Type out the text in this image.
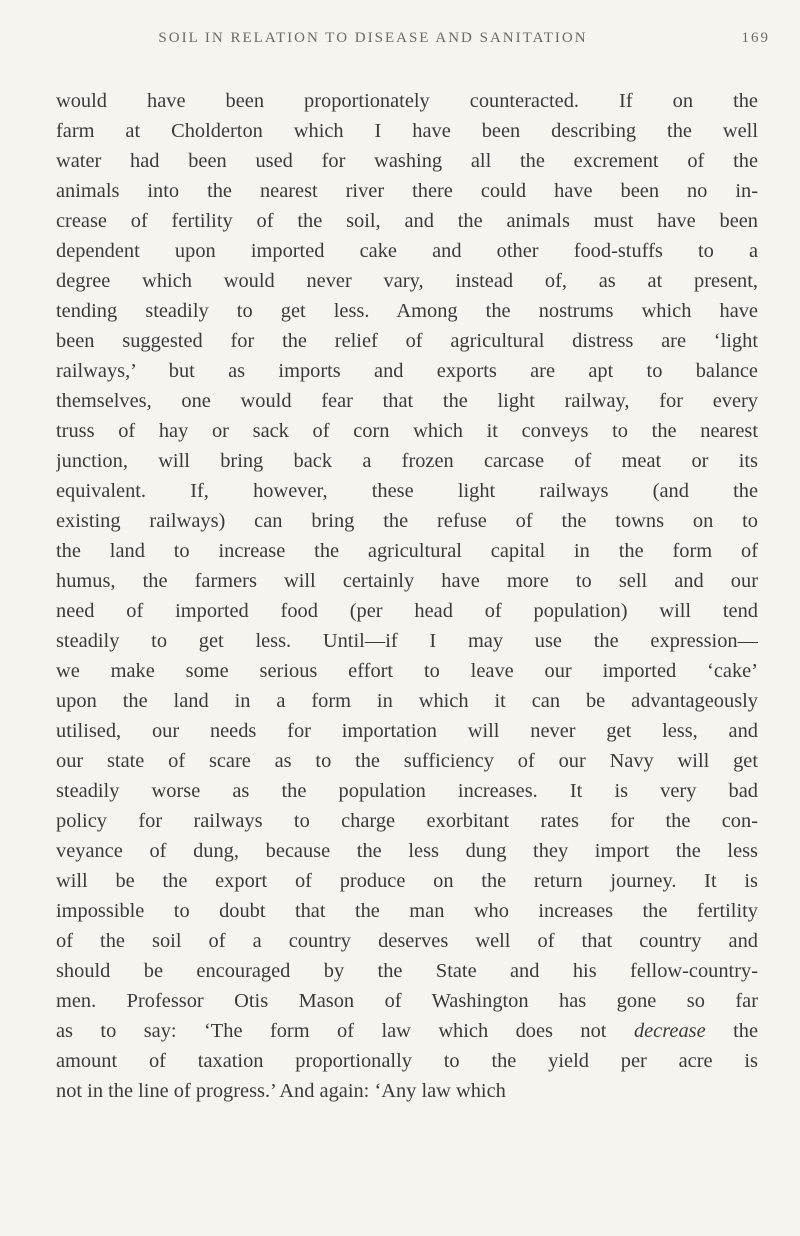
SOIL IN RELATION TO DISEASE AND SANITATION	169
would have been proportionately counteracted. If on the
farm at Cholderton which I have been describing the well
water had been used for washing all the excrement of the
animals into the nearest river there could have been no in-
crease of fertility of the soil, and the animals must have been
dependent upon imported cake and other food-stuffs to a
degree which would never vary, instead of, as at present,
tending steadily to get less. Among the nostrums which have
been suggested for the relief of agricultural distress are ‘light
railways,’ but as imports and exports are apt to balance
themselves, one would fear that the light railway, for every
truss of hay or sack of corn which it conveys to the nearest
junction, will bring back a frozen carcase of meat or its
equivalent. If, however, these light railways (and the
existing railways) can bring the refuse of the towns on to
the land to increase the agricultural capital in the form of
humus, the farmers will certainly have more to sell and our
need of imported food (per head of population) will tend
steadily to get less. Until—if I may use the expression—
we make some serious effort to leave our imported ‘cake’
upon the land in a form in which it can be advantageously
utilised, our needs for importation will never get less, and
our state of scare as to the sufficiency of our Navy will get
steadily worse as the population increases. It is very bad
policy for railways to charge exorbitant rates for the con-
veyance of dung, because the less dung they import the less
will be the export of produce on the return journey. It is
impossible to doubt that the man who increases the fertility
of the soil of a country deserves well of that country and
should be encouraged by the State and his fellow-country-
men. Professor Otis Mason of Washington has gone so far
as to say: ‘The form of law which does not decrease the
amount of taxation proportionally to the yield per acre is
not in the line of progress.’ And again: ‘Any law which
